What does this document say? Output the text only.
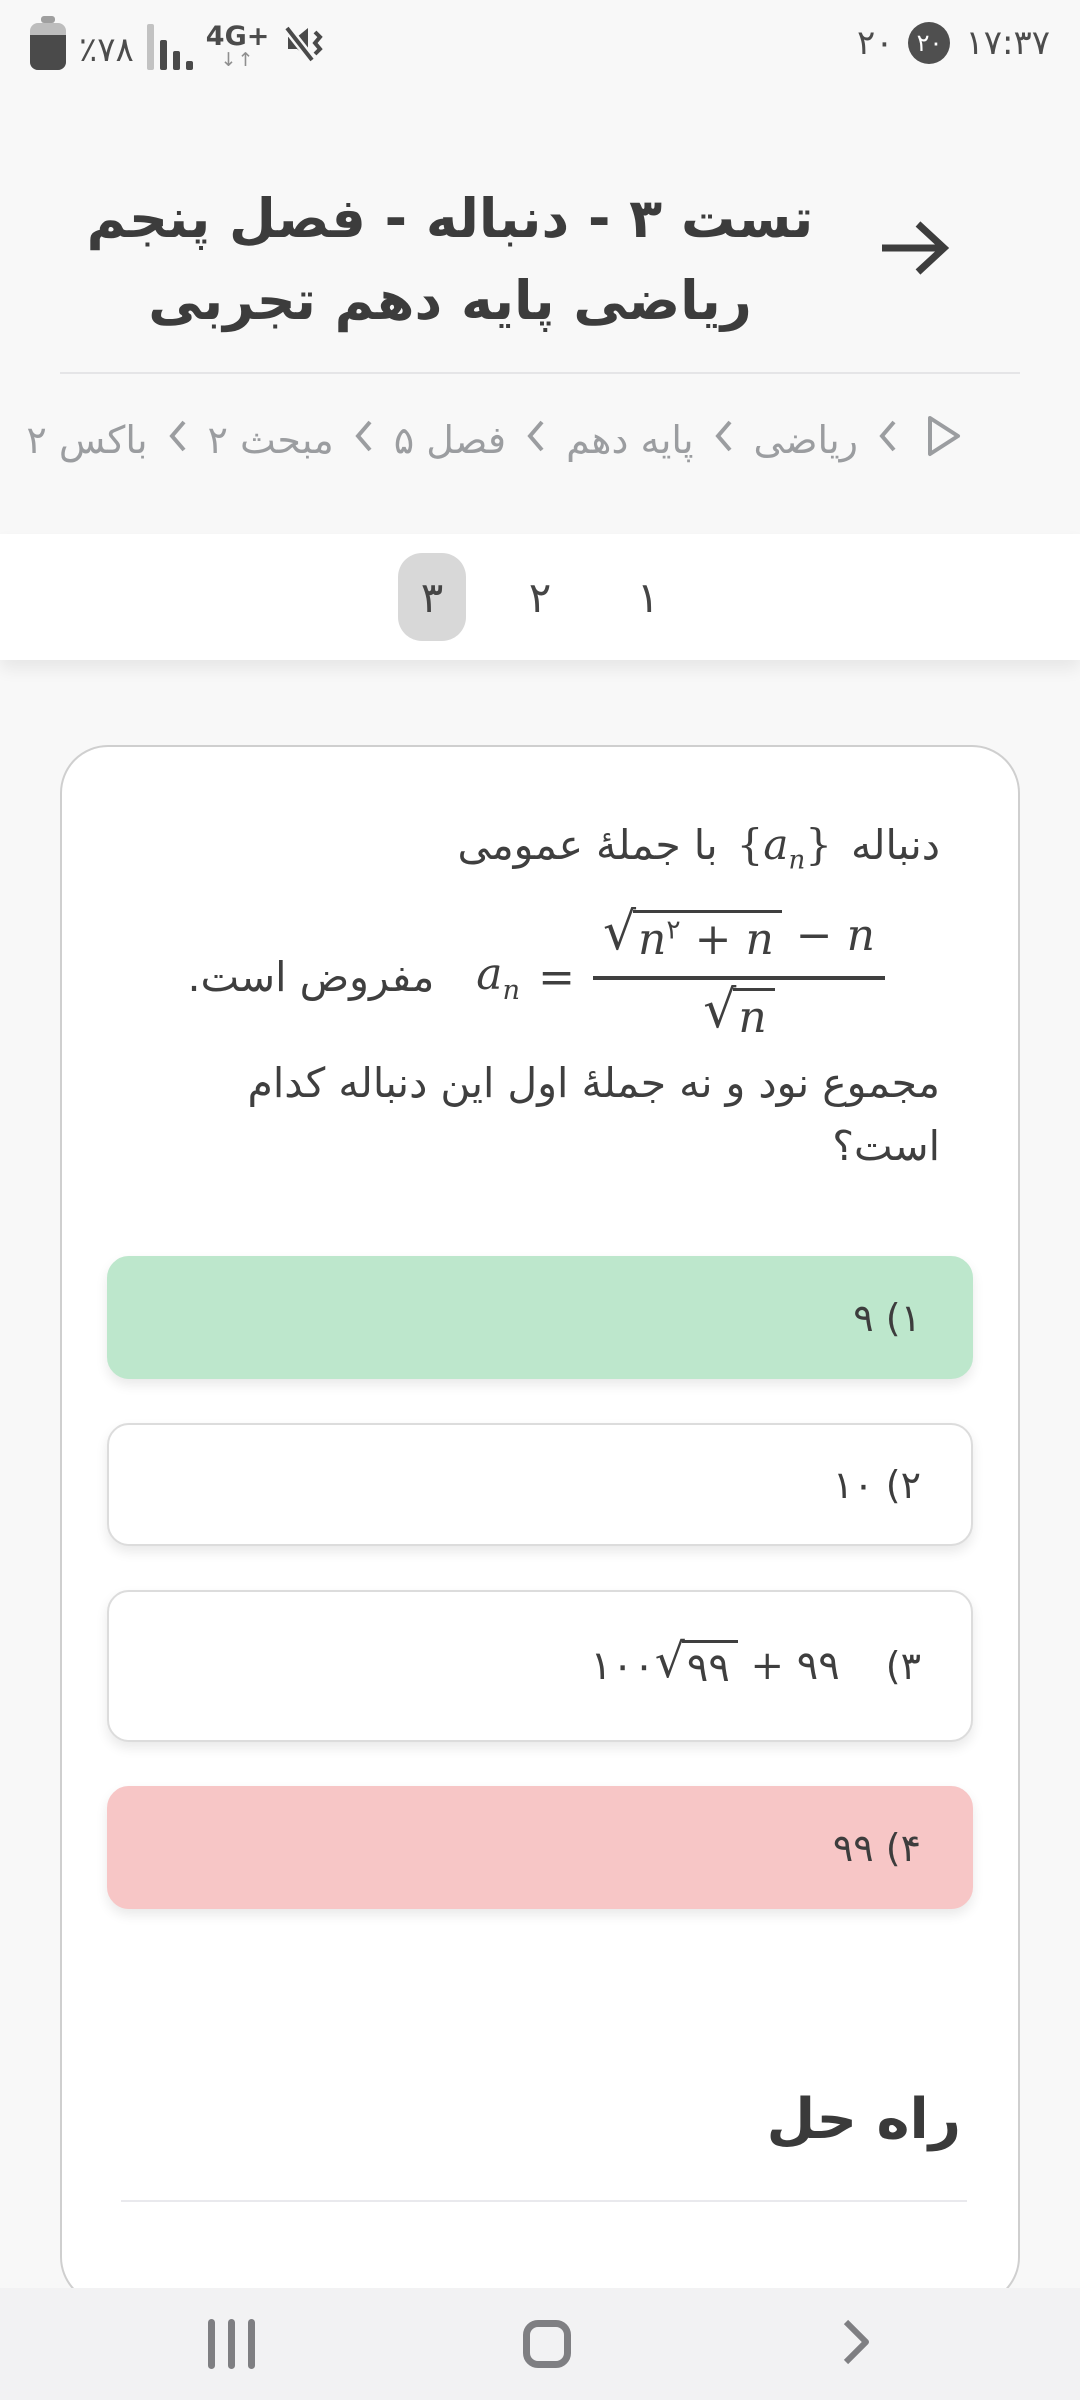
٪۷۸	4G+
↓↑	۲۰ ۲۰ ۱۷:۳۷
تست ۳ - دنباله - فصل پنجم
ریاضی پایه دهم تجربی
ریاضی
پایه دهم
فصل ۵
مبحث ۲
باکس ۲
۱
۲
۳
دنباله $\{a_n\}$ با جملهٔ عمومی
$a_n = \frac{√ n^٢ + n - n}{√ n}$
مفروض است.
مجموع نود و نه جملهٔ اول این دنباله کدام
است؟
۱) ۹
۲) ۱۰
۳)
١٠٠ √ ٩٩
+
٩٩
۴) ۹۹
راه حل
